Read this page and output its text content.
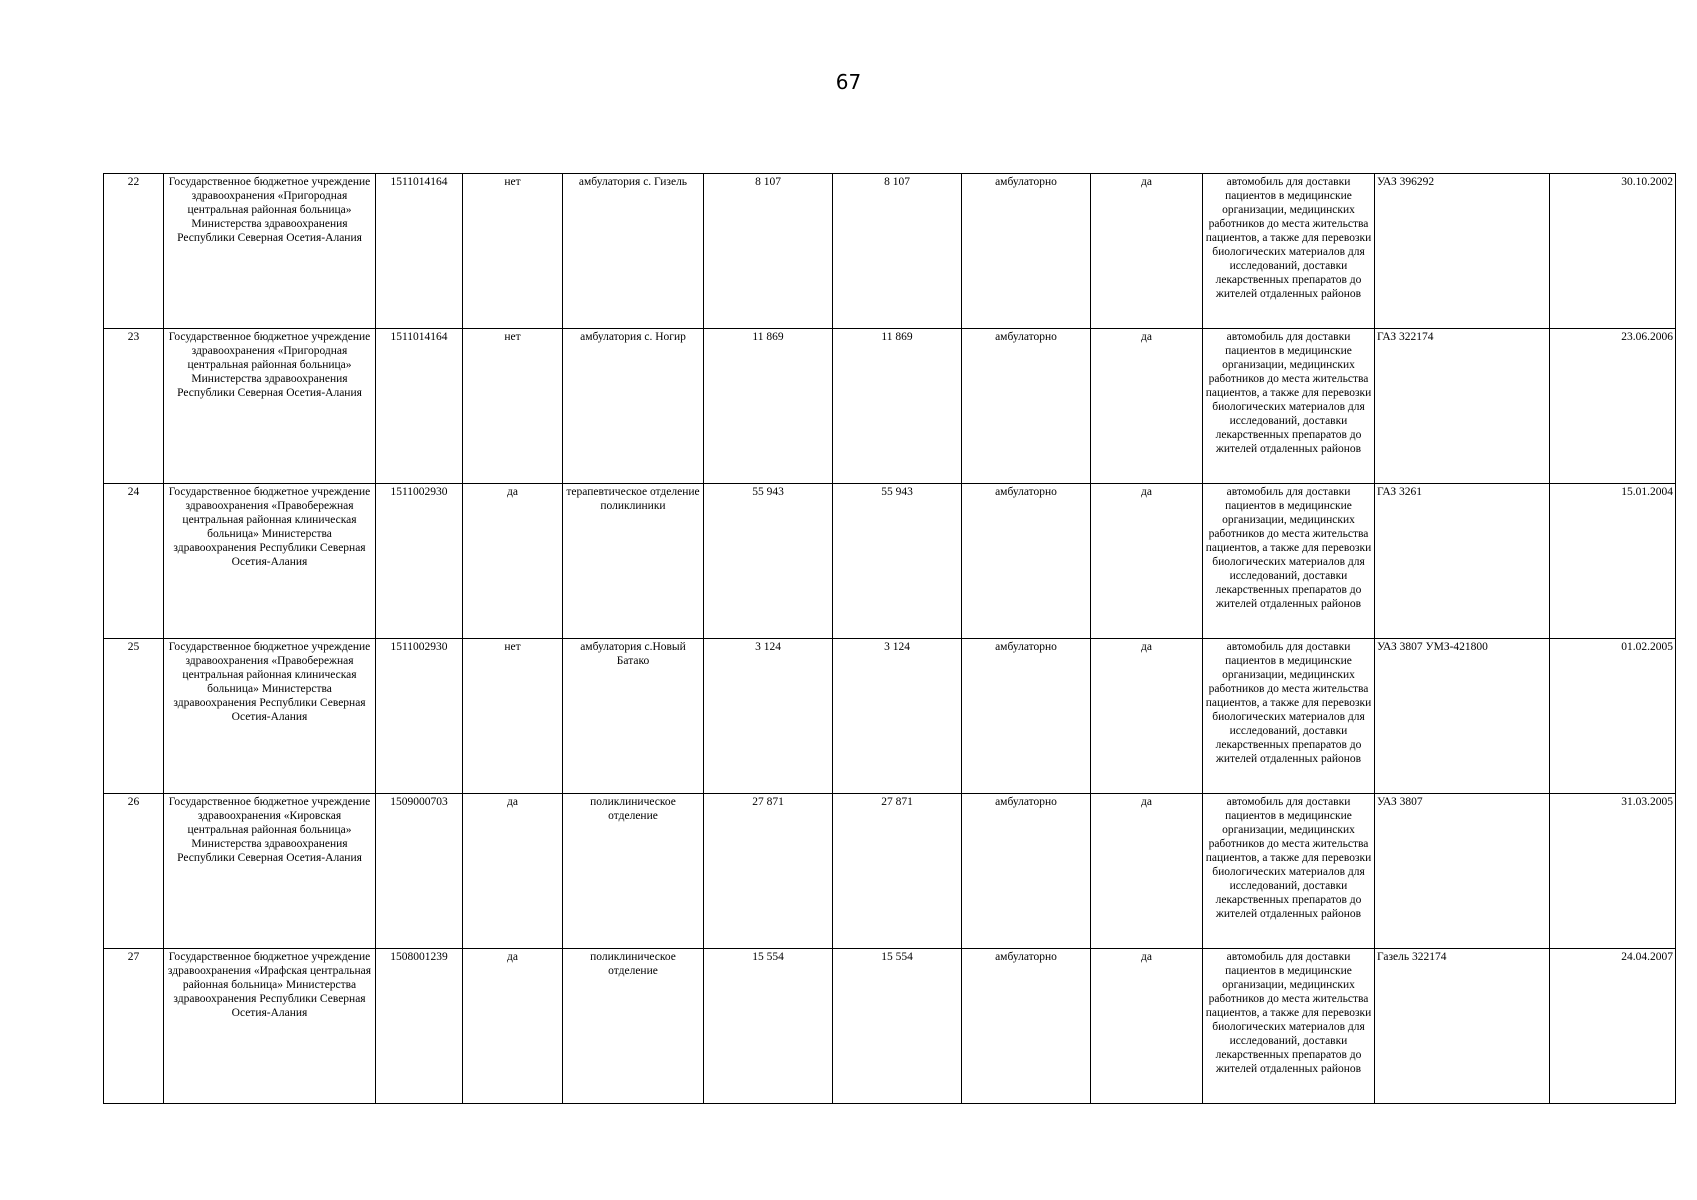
67
22	Государственное бюджетное учреждение здравоохранения «Пригородная центральная районная больница» Министерства здравоохранения Республики Северная Осетия-Алания	1511014164	нет	амбулатория с. Гизель	8 107	8 107	амбулаторно	да	автомобиль для доставки пациентов в медицинские организации, медицинских работников до места жительства пациентов, а также для перевозки биологических материалов для исследований, доставки лекарственных препаратов до жителей отдаленных районов	УАЗ 396292	30.10.2002
23	Государственное бюджетное учреждение здравоохранения «Пригородная центральная районная больница» Министерства здравоохранения Республики Северная Осетия-Алания	1511014164	нет	амбулатория с. Ногир	11 869	11 869	амбулаторно	да	автомобиль для доставки пациентов в медицинские организации, медицинских работников до места жительства пациентов, а также для перевозки биологических материалов для исследований, доставки лекарственных препаратов до жителей отдаленных районов	ГАЗ 322174	23.06.2006
24	Государственное бюджетное учреждение здравоохранения «Правобережная центральная районная клиническая больница» Министерства здравоохранения Республики Северная Осетия-Алания	1511002930	да	терапевтическое отделение поликлиники	55 943	55 943	амбулаторно	да	автомобиль для доставки пациентов в медицинские организации, медицинских работников до места жительства пациентов, а также для перевозки биологических материалов для исследований, доставки лекарственных препаратов до жителей отдаленных районов	ГАЗ 3261	15.01.2004
25	Государственное бюджетное учреждение здравоохранения «Правобережная центральная районная клиническая больница» Министерства здравоохранения Республики Северная Осетия-Алания	1511002930	нет	амбулатория с.Новый Батако	3 124	3 124	амбулаторно	да	автомобиль для доставки пациентов в медицинские организации, медицинских работников до места жительства пациентов, а также для перевозки биологических материалов для исследований, доставки лекарственных препаратов до жителей отдаленных районов	УАЗ 3807 УМЗ-421800	01.02.2005
26	Государственное бюджетное учреждение здравоохранения «Кировская центральная районная больница» Министерства здравоохранения Республики Северная Осетия-Алания	1509000703	да	поликлиническое отделение	27 871	27 871	амбулаторно	да	автомобиль для доставки пациентов в медицинские организации, медицинских работников до места жительства пациентов, а также для перевозки биологических материалов для исследований, доставки лекарственных препаратов до жителей отдаленных районов	УАЗ 3807	31.03.2005
27	Государственное бюджетное учреждение здравоохранения «Ирафская центральная районная больница» Министерства здравоохранения Республики Северная Осетия-Алания	1508001239	да	поликлиническое отделение	15 554	15 554	амбулаторно	да	автомобиль для доставки пациентов в медицинские организации, медицинских работников до места жительства пациентов, а также для перевозки биологических материалов для исследований, доставки лекарственных препаратов до жителей отдаленных районов	Газель 322174	24.04.2007
